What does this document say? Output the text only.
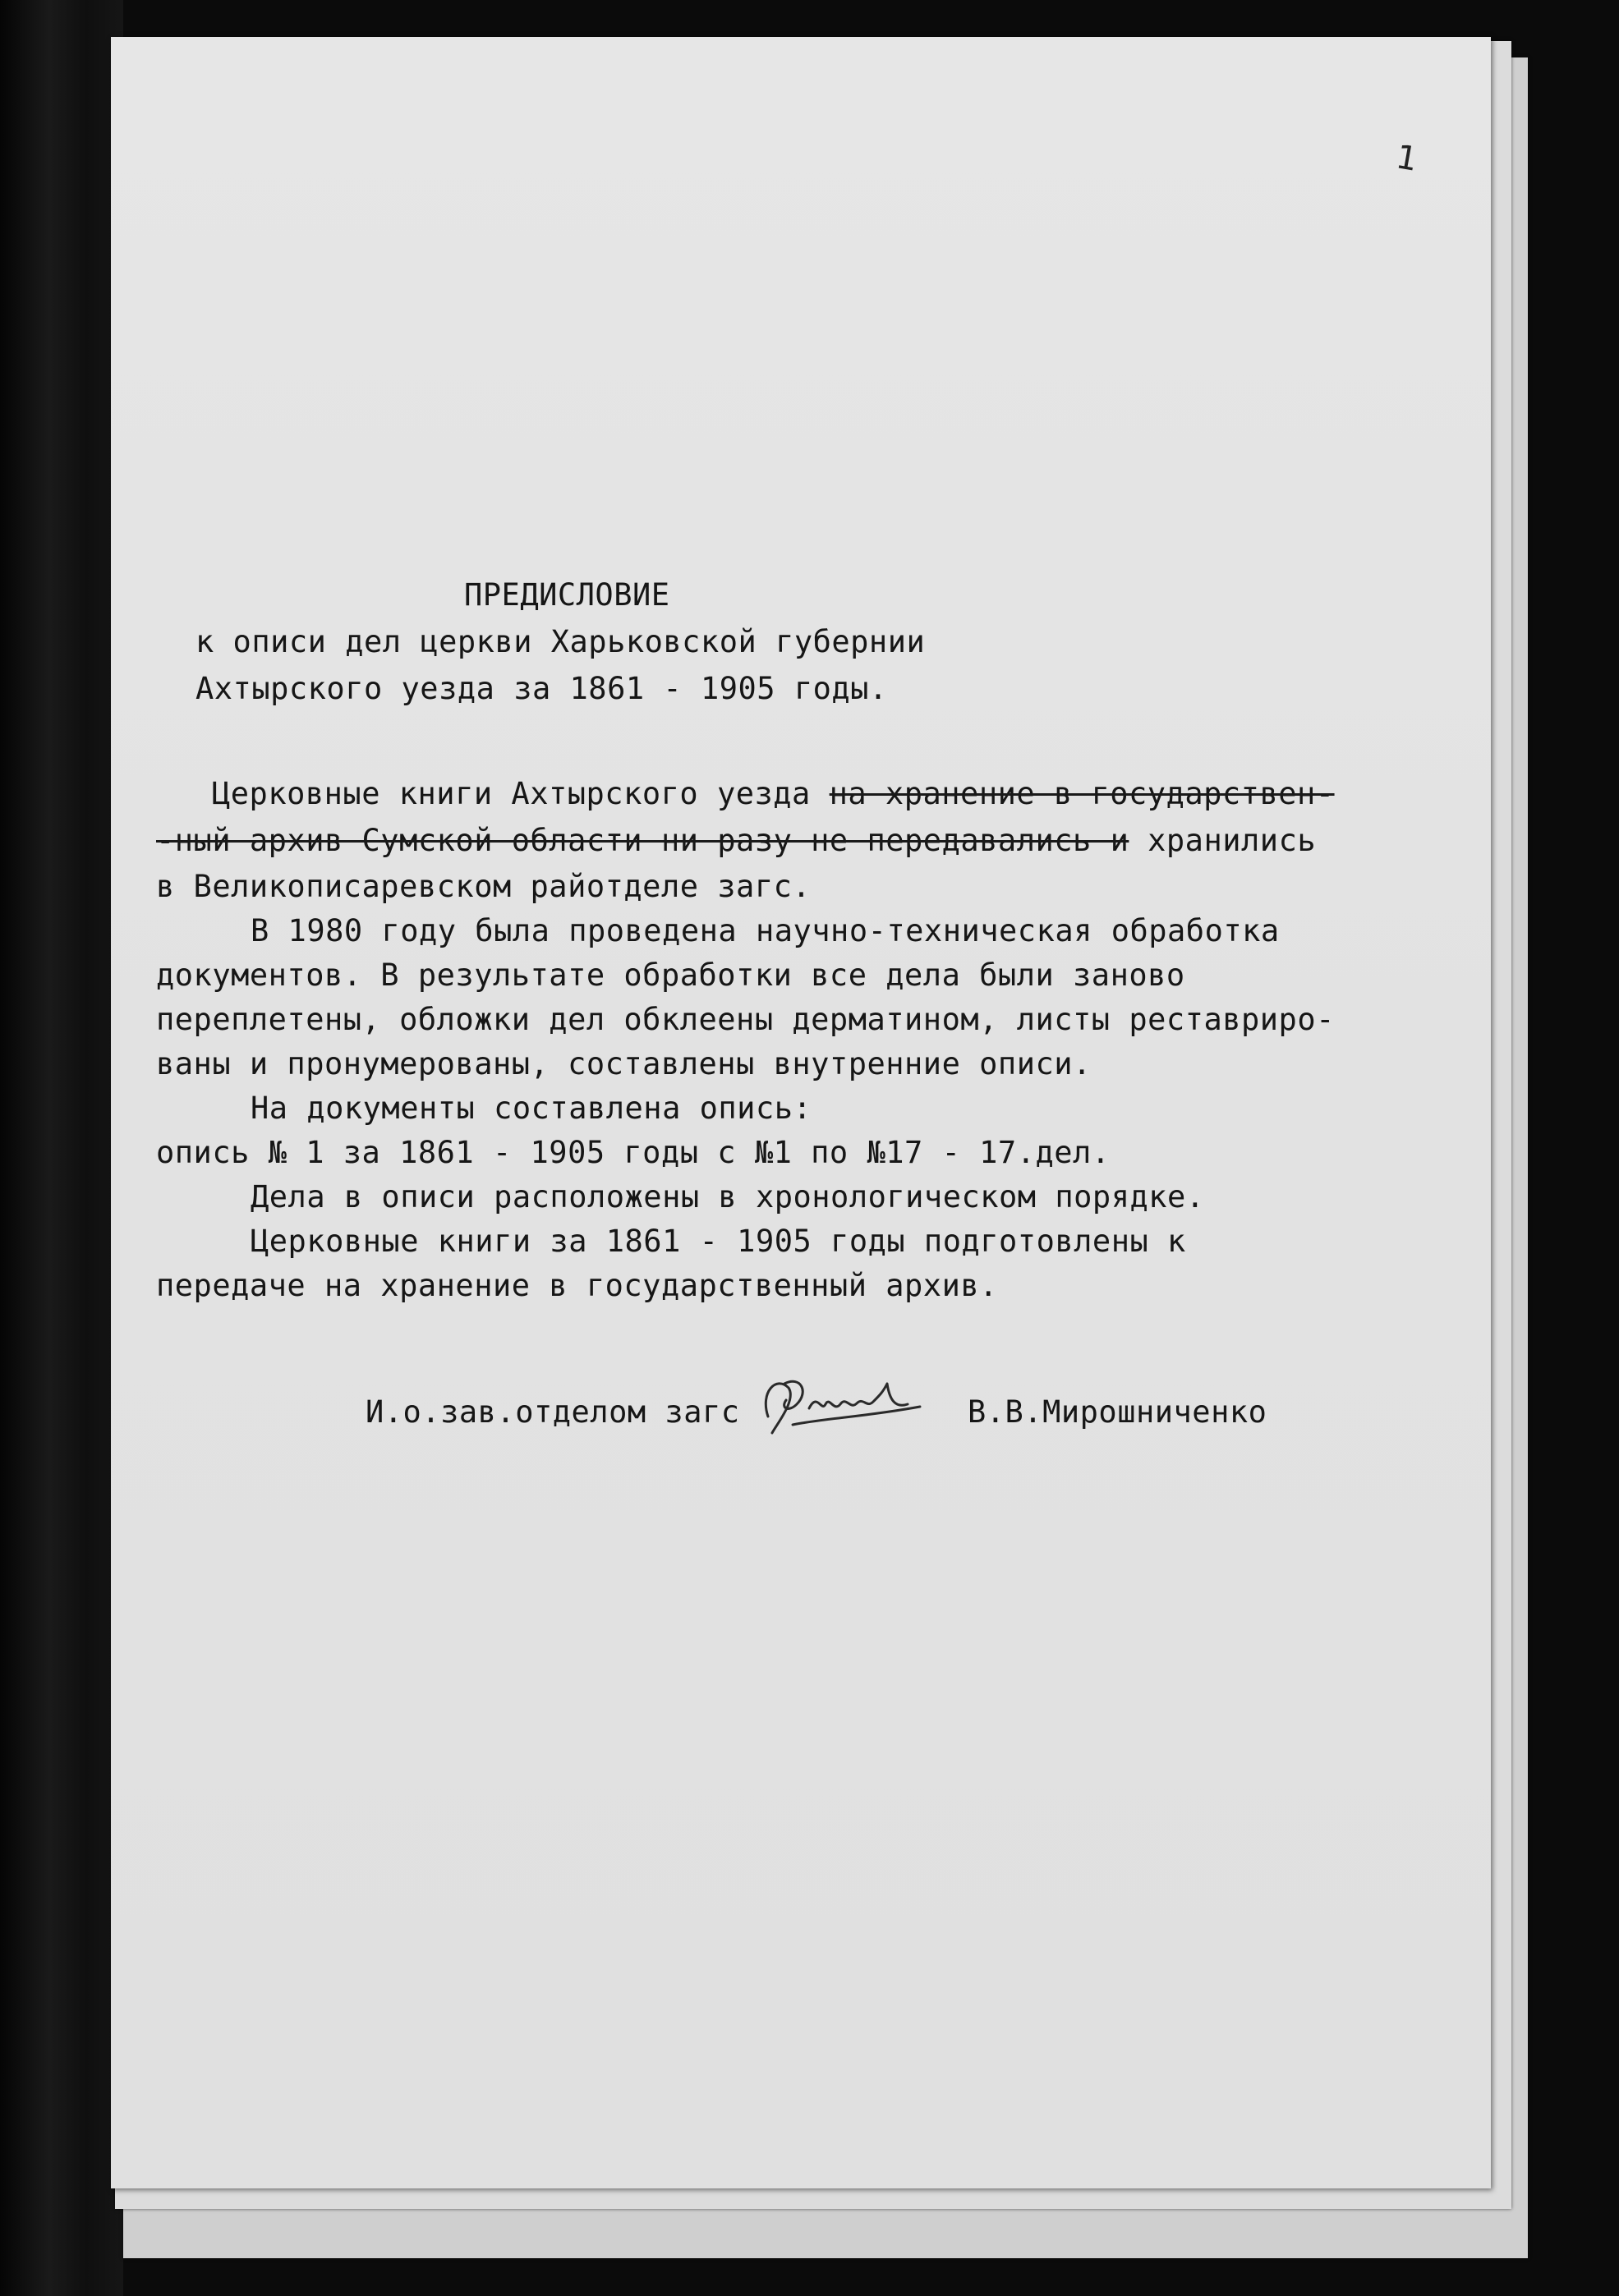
1
ПРЕДИСЛОВИЕ
к описи дел церкви Харьковской губернии
Ахтырского уезда за 1861 - 1905 годы.
Церковные книги Ахтырского уезда на хранение в государствен-
-ный архив Сумской области ни разу не передавались и хранились
в Великописаревском райотделе загс.
В 1980 году была проведена научно-техническая обработка
документов. В результате обработки все дела были заново
переплетены, обложки дел обклеены дерматином, листы реставриро-
ваны и пронумерованы, составлены внутренние описи.
На документы составлена опись:
опись № 1 за 1861 - 1905 годы с №1 по №17 - 17.дел.
Дела в описи расположены в хронологическом порядке.
Церковные книги за 1861 - 1905 годы подготовлены к
передаче на хранение в государственный архив.
И.о.зав.отделом загс	В.В.Мирошниченко
